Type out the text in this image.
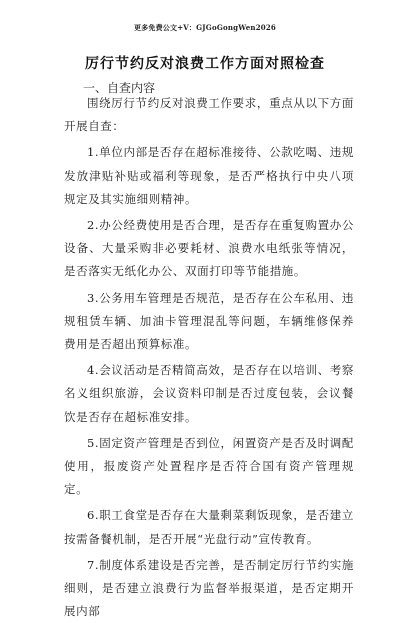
更多免费公文+V：GJGoGongWen2026
厉行节约反对浪费工作方面对照检查
一、自查内容

围绕厉行节约反对浪费工作要求，重点从以下方面开展自查：

1.单位内部是否存在超标准接待、公款吃喝、违规发放津贴补贴或福利等现象，是否严格执行中央八项规定及其实施细则精神。

2.办公经费使用是否合理，是否存在重复购置办公设备、大量采购非必要耗材、浪费水电纸张等情况，是否落实无纸化办公、双面打印等节能措施。

3.公务用车管理是否规范，是否存在公车私用、违规租赁车辆、加油卡管理混乱等问题，车辆维修保养费用是否超出预算标准。

4.会议活动是否精简高效，是否存在以培训、考察名义组织旅游，会议资料印制是否过度包装，会议餐饮是否存在超标准安排。

5.固定资产管理是否到位，闲置资产是否及时调配使用，报废资产处置程序是否符合国有资产管理规定。

6.职工食堂是否存在大量剩菜剩饭现象，是否建立按需备餐机制，是否开展“光盘行动”宣传教育。

7.制度体系建设是否完善，是否制定厉行节约实施细则，是否建立浪费行为监督举报渠道，是否定期开展内部
